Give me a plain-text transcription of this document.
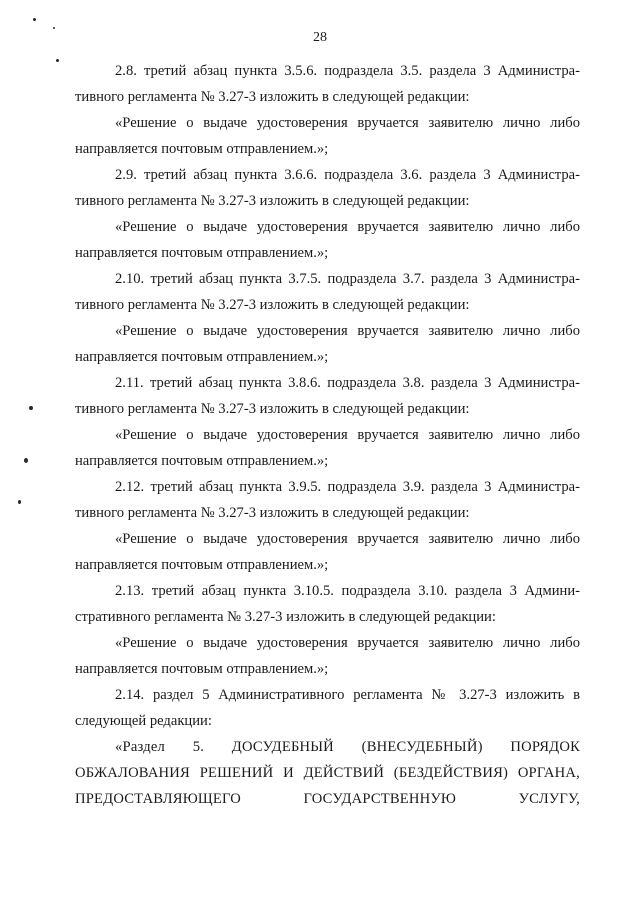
28
2.8. третий абзац пункта 3.5.6. подраздела 3.5. раздела 3 Администра-
тивного регламента № 3.27-3 изложить в следующей редакции:
«Решение о выдаче удостоверения вручается заявителю лично либо
направляется почтовым отправлением.»;
2.9. третий абзац пункта 3.6.6. подраздела 3.6. раздела 3 Администра-
тивного регламента № 3.27-3 изложить в следующей редакции:
«Решение о выдаче удостоверения вручается заявителю лично либо
направляется почтовым отправлением.»;
2.10. третий абзац пункта 3.7.5. подраздела 3.7. раздела 3 Администра-
тивного регламента № 3.27-3 изложить в следующей редакции:
«Решение о выдаче удостоверения вручается заявителю лично либо
направляется почтовым отправлением.»;
2.11. третий абзац пункта 3.8.6. подраздела 3.8. раздела 3 Администра-
тивного регламента № 3.27-3 изложить в следующей редакции:
«Решение о выдаче удостоверения вручается заявителю лично либо
направляется почтовым отправлением.»;
2.12. третий абзац пункта 3.9.5. подраздела 3.9. раздела 3 Администра-
тивного регламента № 3.27-3 изложить в следующей редакции:
«Решение о выдаче удостоверения вручается заявителю лично либо
направляется почтовым отправлением.»;
2.13. третий абзац пункта 3.10.5. подраздела 3.10. раздела 3 Админи-
стративного регламента № 3.27-3 изложить в следующей редакции:
«Решение о выдаче удостоверения вручается заявителю лично либо
направляется почтовым отправлением.»;
2.14. раздел 5 Административного регламента № 3.27-3 изложить в
следующей редакции:
«Раздел 5. ДОСУДЕБНЫЙ (ВНЕСУДЕБНЫЙ) ПОРЯДОК
ОБЖАЛОВАНИЯ РЕШЕНИЙ И ДЕЙСТВИЙ (БЕЗДЕЙСТВИЯ) ОРГАНА,
ПРЕДОСТАВЛЯЮЩЕГО ГОСУДАРСТВЕННУЮ УСЛУГУ,
